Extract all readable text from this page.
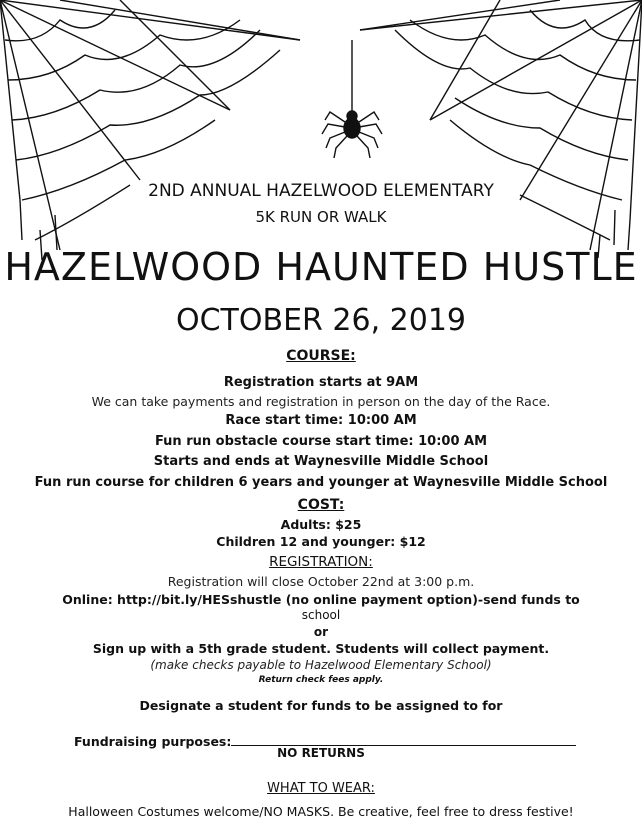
2ND ANNUAL HAZELWOOD ELEMENTARY
5K RUN OR WALK
HAZELWOOD HAUNTED HUSTLE
OCTOBER 26, 2019
COURSE:
Registration starts at 9AM
We can take payments and registration in person on the day of the Race.
Race start time: 10:00 AM
Fun run obstacle course start time: 10:00 AM
Starts and ends at Waynesville Middle School
Fun run course for children 6 years and younger at Waynesville Middle School
COST:
Adults: $25
Children 12 and younger: $12
REGISTRATION:
Registration will close October 22nd at 3:00 p.m.
Online: http://bit.ly/HESshustle (no online payment option)-send funds to
school
or
Sign up with a 5th grade student. Students will collect payment.
(make checks payable to Hazelwood Elementary School)
Return check fees apply.
Designate a student for funds to be assigned to for
Fundraising purposes:
NO RETURNS
WHAT TO WEAR:
Halloween Costumes welcome/NO MASKS. Be creative, feel free to dress festive!
